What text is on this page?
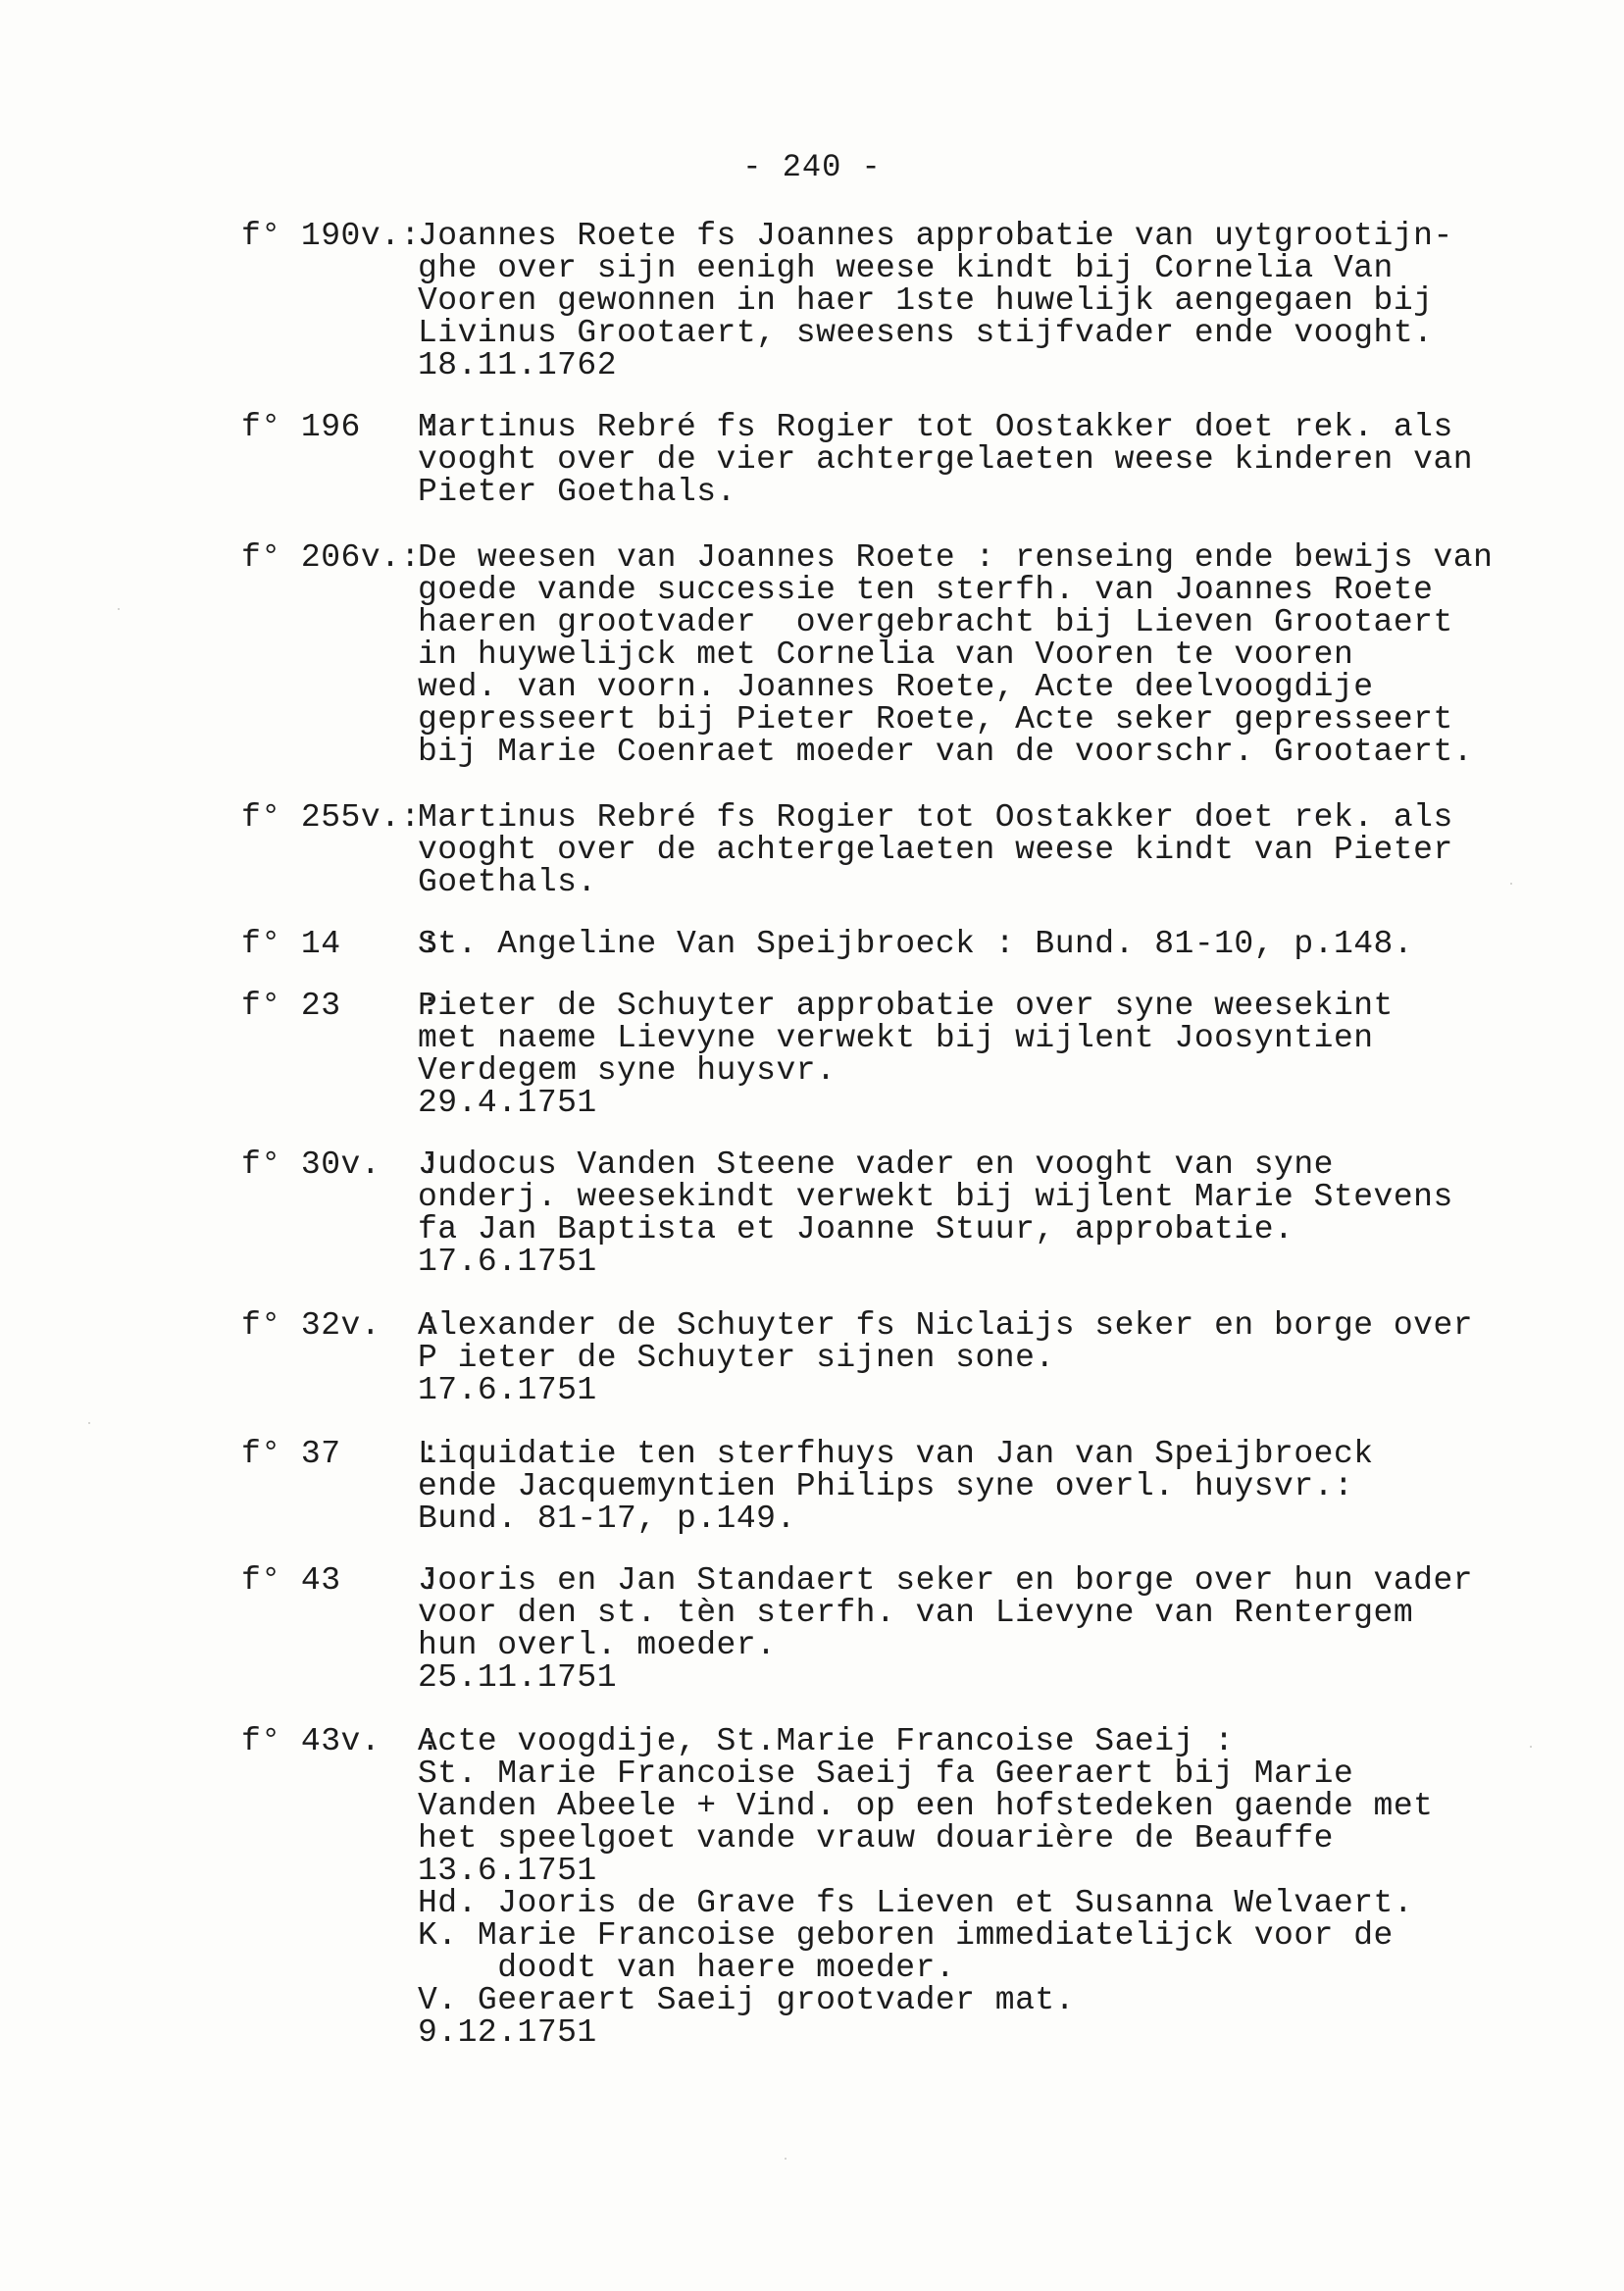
- 240 -
f° 190v.:
Joannes Roete fs Joannes approbatie van uytgrootijn-
ghe over sijn eenigh weese kindt bij Cornelia Van
Vooren gewonnen in haer 1ste huwelijk aengegaen bij
Livinus Grootaert, sweesens stijfvader ende vooght.
18.11.1762
f° 196   :
Martinus Rebré fs Rogier tot Oostakker doet rek. als
vooght over de vier achtergelaeten weese kinderen van
Pieter Goethals.
f° 206v.:
De weesen van Joannes Roete : renseing ende bewijs van
goede vande successie ten sterfh. van Joannes Roete
haeren grootvader  overgebracht bij Lieven Grootaert
in huywelijck met Cornelia van Vooren te vooren
wed. van voorn. Joannes Roete, Acte deelvoogdije
gepresseert bij Pieter Roete, Acte seker gepresseert
bij Marie Coenraet moeder van de voorschr. Grootaert.
f° 255v.:
Martinus Rebré fs Rogier tot Oostakker doet rek. als
vooght over de achtergelaeten weese kindt van Pieter
Goethals.
f° 14    :
St. Angeline Van Speijbroeck : Bund. 81-10, p.148.
f° 23    :
Pieter de Schuyter approbatie over syne weesekint
met naeme Lievyne verwekt bij wijlent Joosyntien
Verdegem syne huysvr.
29.4.1751
f° 30v.  :
Judocus Vanden Steene vader en vooght van syne
onderj. weesekindt verwekt bij wijlent Marie Stevens
fa Jan Baptista et Joanne Stuur, approbatie.
17.6.1751
f° 32v.  :
Alexander de Schuyter fs Niclaijs seker en borge over
P ieter de Schuyter sijnen sone.
17.6.1751
f° 37    :
Liquidatie ten sterfhuys van Jan van Speijbroeck
ende Jacquemyntien Philips syne overl. huysvr.:
Bund. 81-17, p.149.
f° 43    :
Jooris en Jan Standaert seker en borge over hun vader
voor den st. tèn sterfh. van Lievyne van Rentergem
hun overl. moeder.
25.11.1751
f° 43v.  :
Acte voogdije, St.Marie Francoise Saeij :
St. Marie Francoise Saeij fa Geeraert bij Marie
Vanden Abeele + Vind. op een hofstedeken gaende met
het speelgoet vande vrauw douarière de Beauffe
13.6.1751
Hd. Jooris de Grave fs Lieven et Susanna Welvaert.
K. Marie Francoise geboren immediatelijck voor de
doodt van haere moeder.
V. Geeraert Saeij grootvader mat.
9.12.1751
